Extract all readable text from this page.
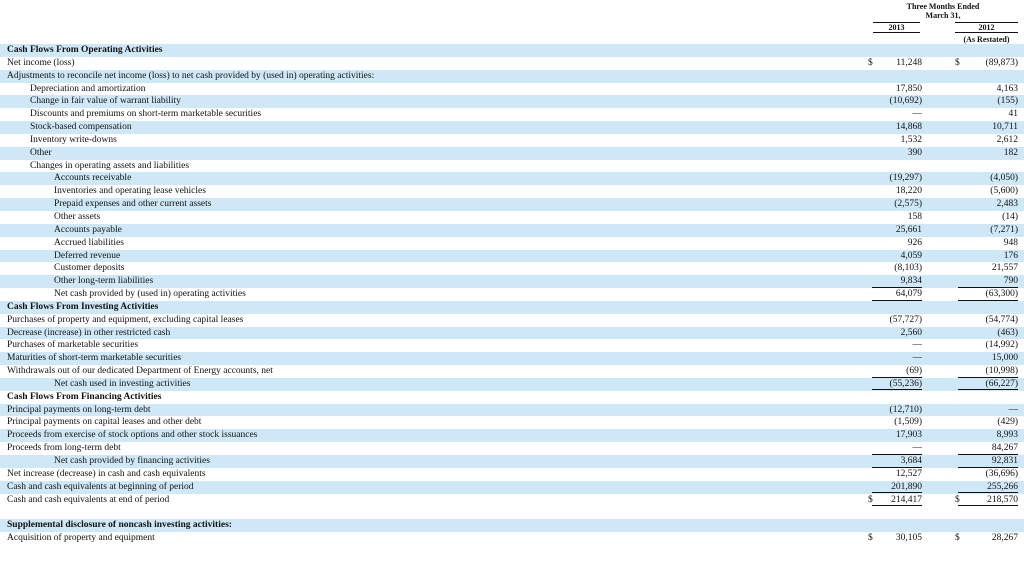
Three Months Ended
March 31,
2013	2012
(As Restated)
Cash Flows From Operating Activities
Net income (loss)	$	11,248	$	(89,873)
Adjustments to reconcile net income (loss) to net cash provided by (used in) operating activities:
Depreciation and amortization	17,850	4,163
Change in fair value of warrant liability	(10,692)	(155)
Discounts and premiums on short-term marketable securities	—	41
Stock-based compensation	14,868	10,711
Inventory write-downs	1,532	2,612
Other	390	182
Changes in operating assets and liabilities
Accounts receivable	(19,297)	(4,050)
Inventories and operating lease vehicles	18,220	(5,600)
Prepaid expenses and other current assets	(2,575)	2,483
Other assets	158	(14)
Accounts payable	25,661	(7,271)
Accrued liabilities	926	948
Deferred revenue	4,059	176
Customer deposits	(8,103)	21,557
Other long-term liabilities	9,834	790
Net cash provided by (used in) operating activities	64,079	(63,300)
Cash Flows From Investing Activities
Purchases of property and equipment, excluding capital leases	(57,727)	(54,774)
Decrease (increase) in other restricted cash	2,560	(463)
Purchases of marketable securities	—	(14,992)
Maturities of short-term marketable securities	—	15,000
Withdrawals out of our dedicated Department of Energy accounts, net	(69)	(10,998)
Net cash used in investing activities	(55,236)	(66,227)
Cash Flows From Financing Activities
Principal payments on long-term debt	(12,710)	—
Principal payments on capital leases and other debt	(1,509)	(429)
Proceeds from exercise of stock options and other stock issuances	17,903	8,993
Proceeds from long-term debt	—	84,267
Net cash provided by financing activities	3,684	92,831
Net increase (decrease) in cash and cash equivalents	12,527	(36,696)
Cash and cash equivalents at beginning of period	201,890	255,266
Cash and cash equivalents at end of period	$	214,417	$	218,570
Supplemental disclosure of noncash investing activities:
Acquisition of property and equipment	$	30,105	$	28,267
